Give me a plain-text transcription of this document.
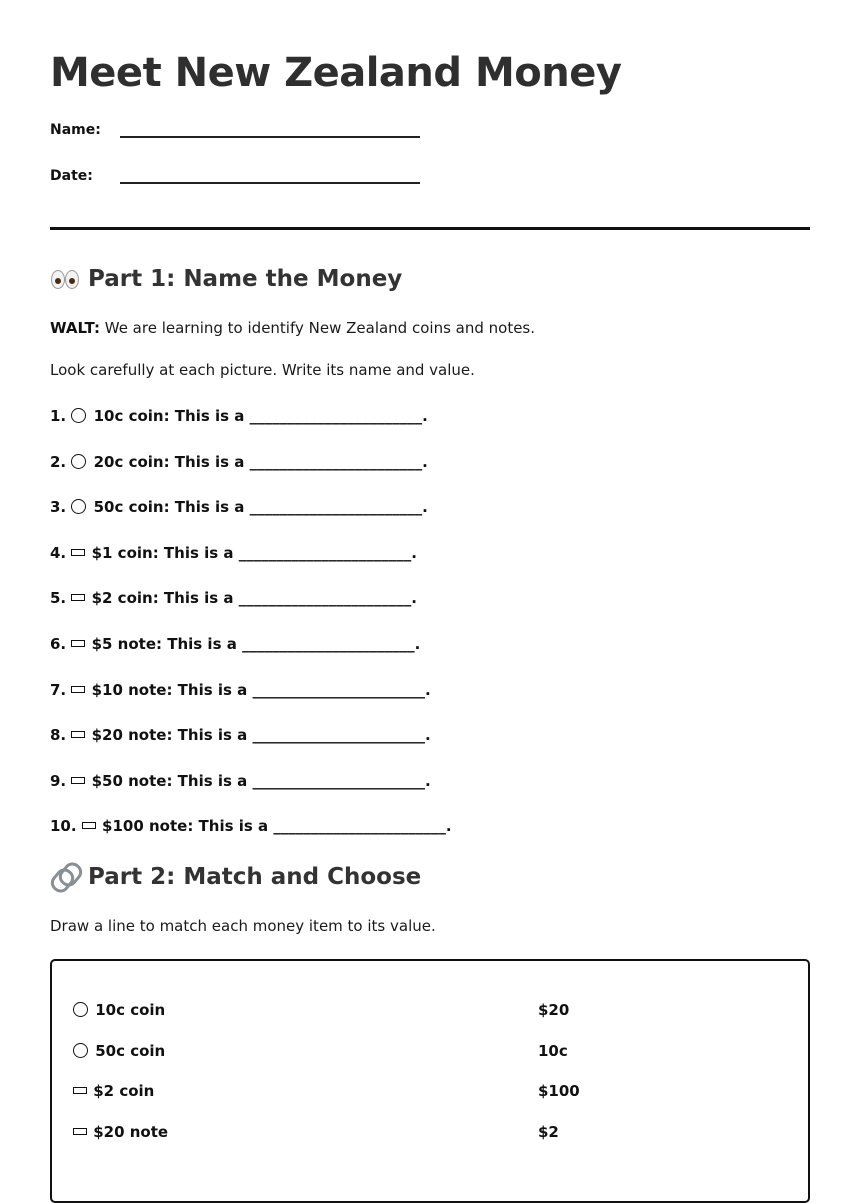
Meet New Zealand Money
Name:
Date:
Part 1: Name the Money

WALT: We are learning to identify New Zealand coins and notes.

Look carefully at each picture. Write its name and value.

1.  10c coin: This is a _______________________.
2.  20c coin: This is a _______________________.
3.  50c coin: This is a _______________________.
4.  $1 coin: This is a _______________________.
5.  $2 coin: This is a _______________________.
6.  $5 note: This is a _______________________.
7.  $10 note: This is a _______________________.
8.  $20 note: This is a _______________________.
9.  $50 note: This is a _______________________.
10.  $100 note: This is a _______________________.
Part 2: Match and Choose

Draw a line to match each money item to its value.

10c coin	$20
50c coin	10c
$2 coin	$100
$20 note	$2
